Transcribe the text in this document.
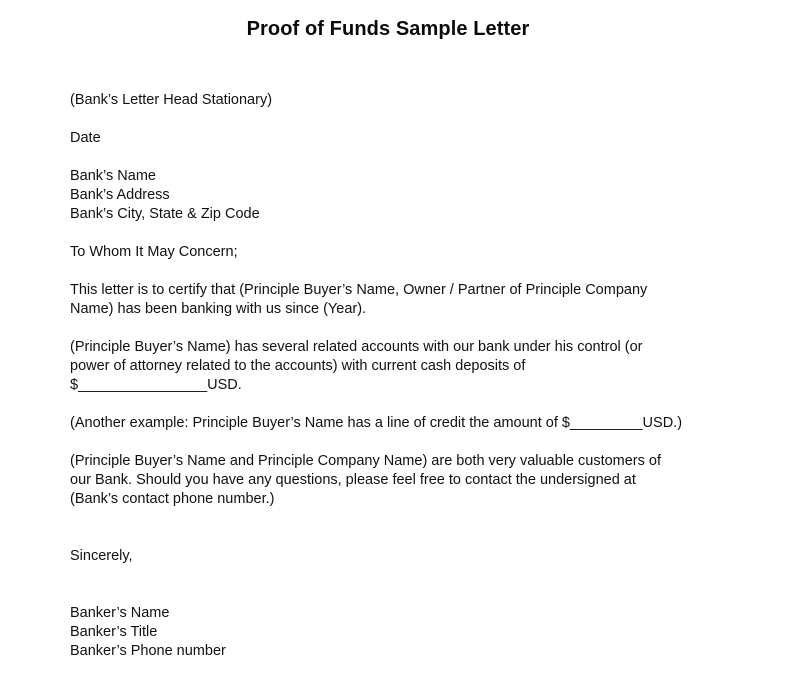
Proof of Funds Sample Letter
(Bank’s Letter Head Stationary)
Date
Bank’s Name
Bank’s Address
Bank’s City, State & Zip Code
To Whom It May Concern;
This letter is to certify that (Principle Buyer’s Name, Owner / Partner of Principle Company
Name) has been banking with us since (Year).
(Principle Buyer’s Name) has several related accounts with our bank under his control (or
power of attorney related to the accounts) with current cash deposits of
$________________USD.
(Another example: Principle Buyer’s Name has a line of credit the amount of $_________USD.)
(Principle Buyer’s Name and Principle Company Name) are both very valuable customers of
our Bank. Should you have any questions, please feel free to contact the undersigned at
(Bank’s contact phone number.)
Sincerely,
Banker’s Name
Banker’s Title
Banker’s Phone number
